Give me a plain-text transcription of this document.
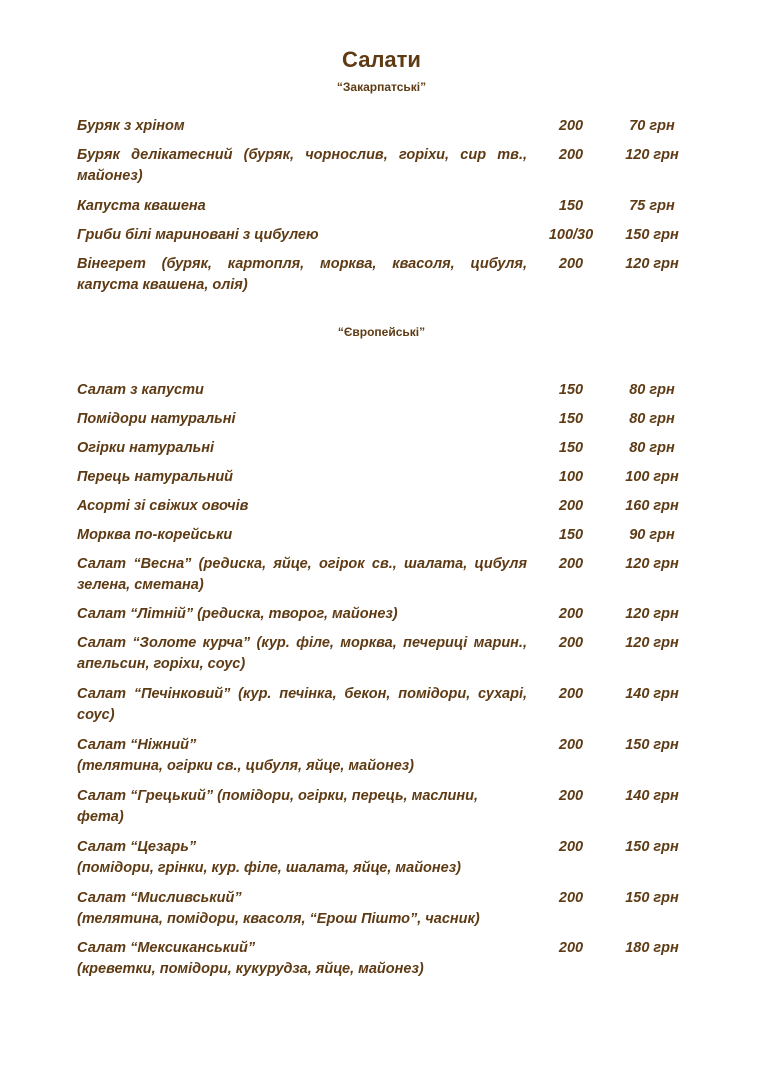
Салати
“Закарпатські”
Буряк з хріном	200	70 грн
Буряк делікатесний (буряк, чорнослив, горіхи, сир тв., майонез)
200	120 грн
Капуста квашена	150	75 грн
Гриби білі мариновані з цибулею	100/30	150 грн
Вінегрет (буряк, картопля, морква, квасоля, цибуля, капуста квашена, олія)
200	120 грн
“Європейські”
Салат з капусти	150	80 грн
Помідори натуральні	150	80 грн
Огірки натуральні	150	80 грн
Перець натуральний	100	100 грн
Асорті зі свіжих овочів	200	160 грн
Морква по-корейськи	150	90 грн
Салат “Весна” (редиска, яйце, огірок св., шалата, цибуля зелена, сметана)
200	120 грн
Салат “Літній” (редиска, творог, майонез)	200	120 грн
Салат “Золоте курча” (кур. філе, морква, печериці марин., апельсин, горіхи, соус)
200	120 грн
Салат “Печінковий” (кур. печінка, бекон, помідори, сухарі, соус)
200	140 грн
Салат “Ніжний”
(телятина, огірки св., цибуля, яйце, майонез)
200	150 грн
Салат “Грецький” (помідори, огірки, перець, маслини, фета)
200	140 грн
Салат “Цезарь”
(помідори, грінки, кур. філе, шалата, яйце, майонез)
200	150 грн
Салат “Мисливський”
(телятина, помідори, квасоля, “Ерош Пішто”, часник)
200	150 грн
Салат “Мексиканський”
(креветки, помідори, кукурудза, яйце, майонез)
200	180 грн
